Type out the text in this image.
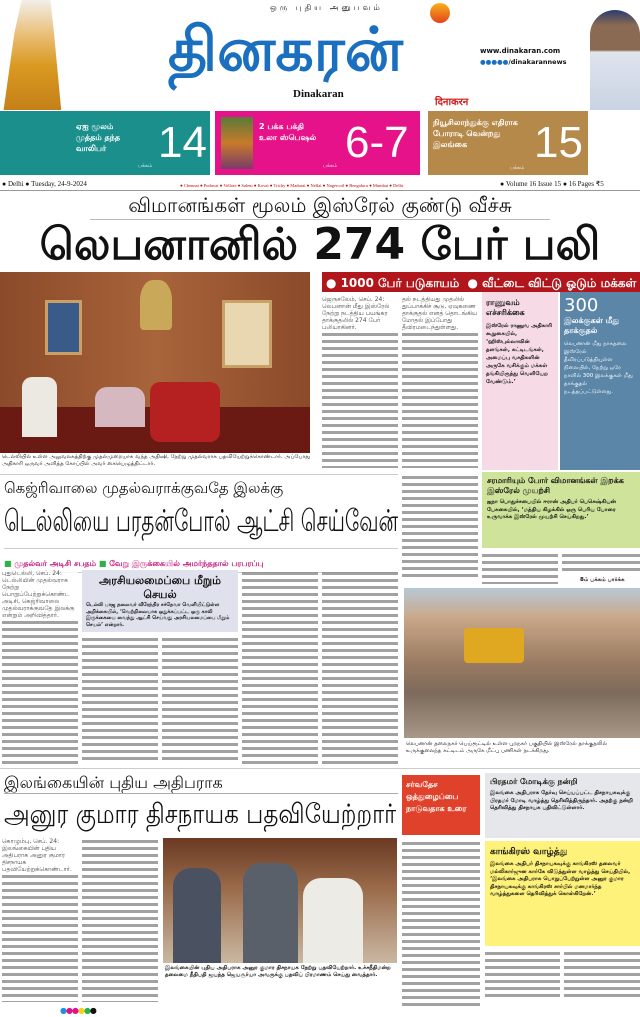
ஒரு புதிய அனுபவம்
தினகரன்
Dinakaran
www.dinakaran.com
●●●●●/dinakarannews
दिनाकरन
ஏஐ மூலம் முத்தம் தந்த வாலிபர்
பக்கம் 14	2 பக்க பக்தி உலா ஸ்பெஷல்
பக்கம் 6-7	நியூசிலாந்துக்கு எதிராக போராடி வென்றது இலங்கை
பக்கம்
15
● Delhi ● Tuesday, 24-9-2024	● Chennai ● Puduvai ● Vellore ● Salem ● Kovai ● Trichy ● Madurai ● Nellai ● Nagercoil ● Bengaluru ● Mumbai ● Delhi	● Volume 16 Issue 15 ● 16 Pages ₹5
விமானங்கள் மூலம் இஸ்ரேல் குண்டு வீச்சு
லெபனானில் 274 பேர் பலி
டெல்லியில் உள்ள அலுவலகத்திற்கு முதல்முறையாக வந்த அதிஷி, நேற்று முதல்வராக பதவியேற்றுக்கொண்டார். அப்போது அதிகாரி ஒருவர் அளித்த கோப்பில் அவர் கையெழுத்திட்டார்.
● 1000 பேர் படுகாயம்  ● வீட்டை விட்டு ஓடும் மக்கள்
ஜெருசலேம், செப். 24: லெபனான் மீது இஸ்ரேல் நேற்று நடத்திய பயங்கர தாக்குதலில் 274 பேர் பலியாகினர்.
தல் நடத்தியது முதலில் துப்பாக்கிச் சூடு, ஏவுகணை தாக்குதல் எனத் தொடங்கிய மோதல் இப்போது தீவிரமடைந்துள்ளது.
ராணுவம் எச்சரிக்கை
இஸ்ரேல் ராணுவ அதிகாரி கூறுகையில், ‘ஹிஸ்புல்லாவின் தளங்கள், கட்டிடங்கள், அமைப்பு வசதிகளின் அருகே வசிக்கும் மக்கள் தங்கியிருந்து வெளியேற வேண்டும்.’
300
இலக்குகள் மீது தாக்குதல்
லெபனான் மீது நாசுதலை இஸ்ரேல் தீவிரப்படுத்தியுள்ள நிலையில், நேற்று ஒரே நாளில் 300 இலக்குகள் மீது தாக்குதல் நடத்தப்பட்டுள்ளது.
கெஜ்ரிவாலை முதல்வராக்குவதே இலக்கு
டெல்லியை பரதன்போல் ஆட்சி செய்வேன்
■ முதல்வர் அடிசி சபதம் ■ வேறு இருக்கையில் அமர்ந்ததால் பரபரப்பு
புதுடெல்லி, செப். 24: டெல்லியின் முதல்வராக நேற்று பொறுப்பேற்றுக்கொண்ட அடிசி, கெஜ்ரிவாலை முதல்வராக்குவதே இலக்கு என்றும் அறிவித்தார்.
அரசியலமைப்பை மீறும் செயல்
டெல்லி பாஜ தலைவர் வீரேந்திர சச்தேவா வெளியிட்டுள்ள அறிக்கையில், ‘வெற்றிலையாக ஒதுக்கப்பட்ட ஒரு காலி இருக்கையை வைத்து ஆட்சி செய்வது அரசியலமைப்பை மீறும் செயல்’ என்றார்.
சரமாரியும் போர் விமானங்கள் இறக்க இஸ்ரேல் முயற்சி
ஐநா பொதுச்சபையில் ஈரான் அதிபர் பெசெஷ்கியன் பேசுகையில், ‘மத்திய கிழக்கில் ஒரு பெரிய போரை உருவாக்க இஸ்ரேல் முயற்சி செய்கிறது.’
8ம் பக்கம் பார்க்க
லெபனான் தலைநகர் பெய்ரூட்டில் உள்ள புறநகர் பகுதியில் இஸ்ரேல் தாக்குதலில் உருக்குலைந்த கட்டிடம் அருகே மீட்பு பணிகள் நடக்கிறது.
இலங்கையின் புதிய அதிபராக
அனுர குமார திசநாயக பதவியேற்றார்
சர்வதேச ஒத்துழைப்பை நாடுவதாக உரை
பிரதமர் மோடிக்கு நன்றி
இலங்கை அதிபராக தேர்வு செய்யப்பட்ட திசநாயகவுக்கு பிரதமர் மோடி வாழ்த்து தெரிவித்திருந்தார். அதற்கு நன்றி தெரிவித்து திசநாயக பதிவிட்டுள்ளார்.
காங்கிரஸ் வாழ்த்து
இலங்கை அதிபர் திசநாயகவுக்கு காங்கிரஸ் தலைவர் மல்லிகார்ஜுன கார்கே விடுத்துள்ள வாழ்த்து செய்தியில், ‘இலங்கை அதிபராக பொறுப்பேற்றுள்ள அனுர குமார திசநாயகவுக்கு காங்கிரஸ் சார்பில் மனமார்ந்த வாழ்த்துகளை தெரிவித்துக் கொள்கிறேன்.’
கொழும்பு, செப். 24: இலங்கையின் புதிய அதிபராக அனுர குமார திசநாயக பதவியேற்றுக்கொண்டார்.
இலங்கையின் புதிய அதிபராக அனுர குமார திசநாயக நேற்று பதவியேற்றார். உச்சநீதிமன்ற தலைமை நீதிபதி ஜயந்த ஜெயசூர்யா அவருக்கு பதவிப் பிரமாணம் செய்து வைத்தார்.
●●●●●●
